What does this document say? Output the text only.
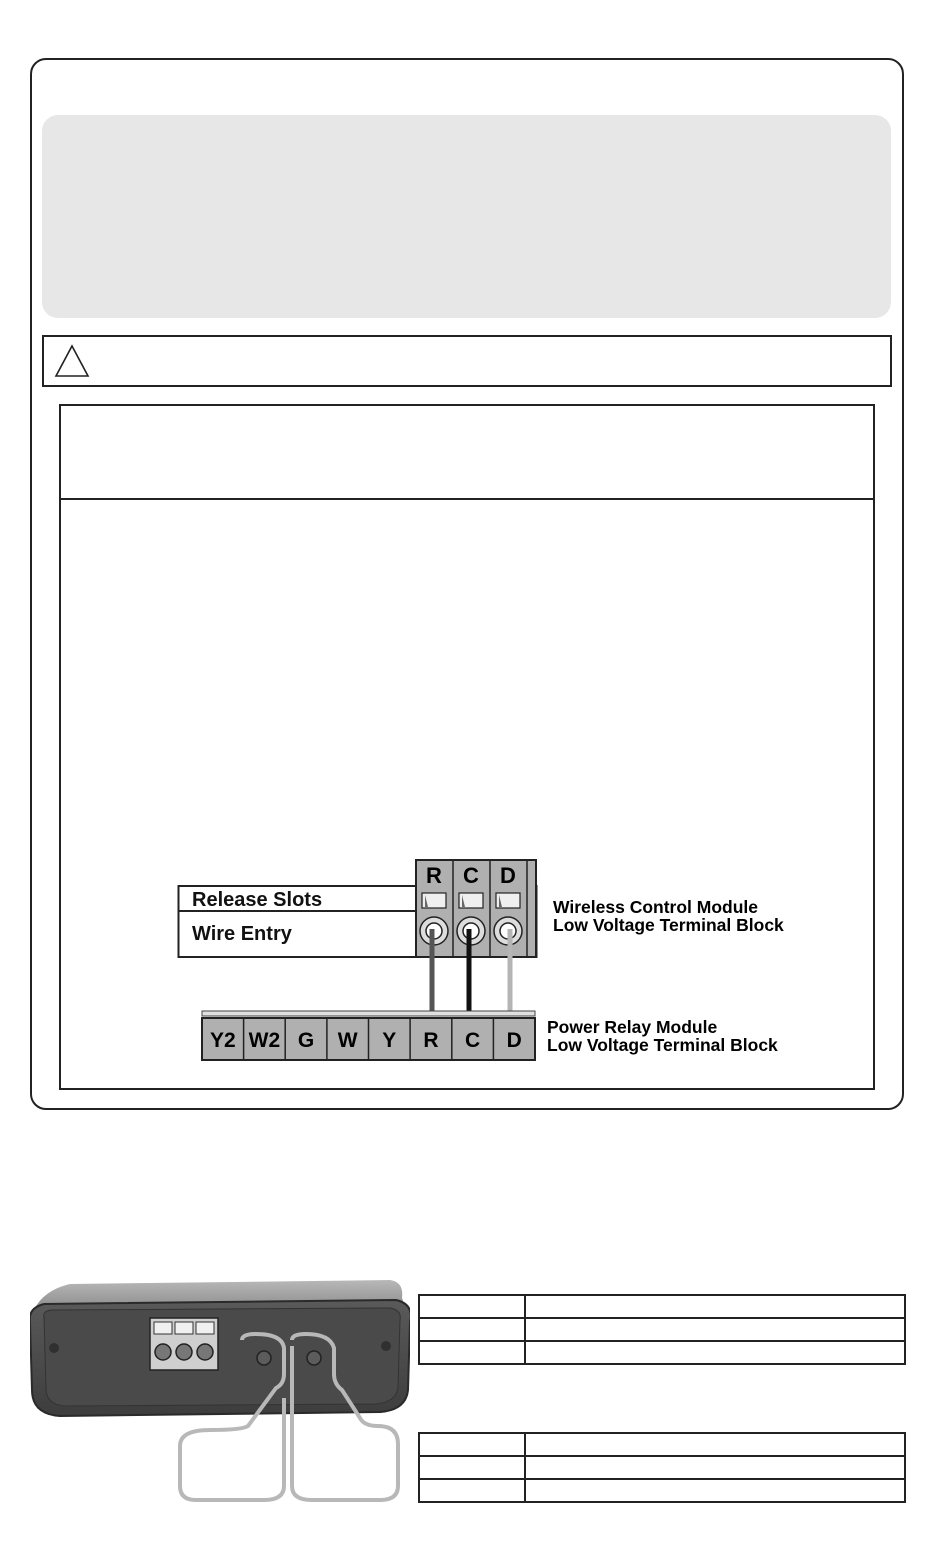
Release Slots
Wire Entry
R C D
Wireless Control Module
Low Voltage Terminal Block
Y2 W2 G W Y R C D
Power Relay Module
Low Voltage Terminal Block
